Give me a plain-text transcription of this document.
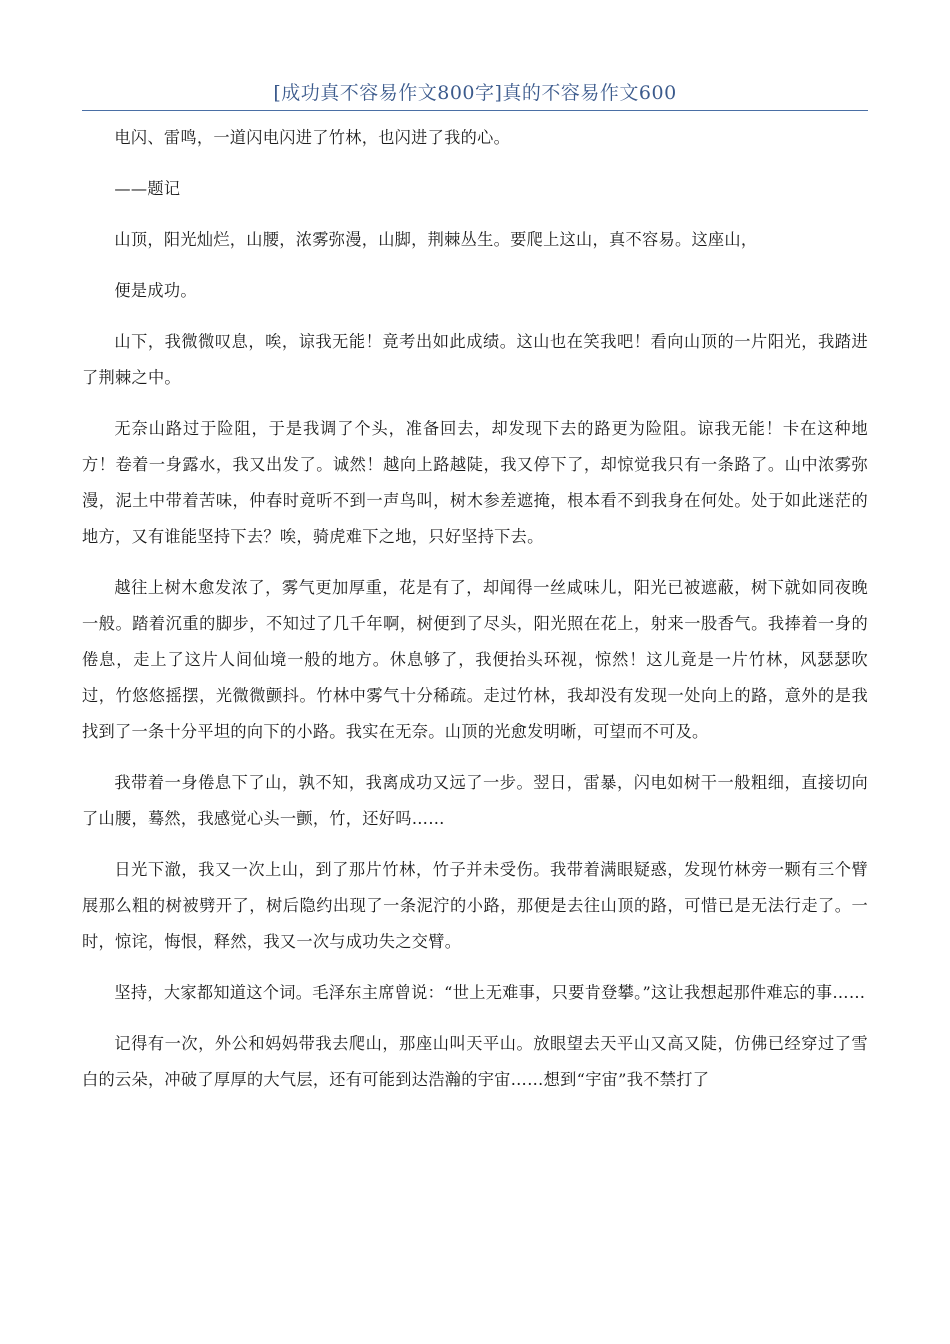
[成功真不容易作文800字]真的不容易作文600

电闪、雷鸣，一道闪电闪进了竹林，也闪进了我的心。

——题记

山顶，阳光灿烂，山腰，浓雾弥漫，山脚，荆棘丛生。要爬上这山，真不容易。这座山，

便是成功。

山下，我微微叹息，唉，谅我无能！竟考出如此成绩。这山也在笑我吧！看向山顶的一片阳光，我踏进了荆棘之中。

无奈山路过于险阻，于是我调了个头，准备回去，却发现下去的路更为险阻。谅我无能！卡在这种地方！卷着一身露水，我又出发了。诚然！越向上路越陡，我又停下了，却惊觉我只有一条路了。山中浓雾弥漫，泥土中带着苦味，仲春时竟听不到一声鸟叫，树木参差遮掩，根本看不到我身在何处。处于如此迷茫的地方，又有谁能坚持下去？唉，骑虎难下之地，只好坚持下去。

越往上树木愈发浓了，雾气更加厚重，花是有了，却闻得一丝咸味儿，阳光已被遮蔽，树下就如同夜晚一般。踏着沉重的脚步，不知过了几千年啊，树便到了尽头，阳光照在花上，射来一股香气。我捧着一身的倦息，走上了这片人间仙境一般的地方。休息够了，我便抬头环视，惊然！这儿竟是一片竹林，风瑟瑟吹过，竹悠悠摇摆，光微微颤抖。竹林中雾气十分稀疏。走过竹林，我却没有发现一处向上的路，意外的是我找到了一条十分平坦的向下的小路。我实在无奈。山顶的光愈发明晰，可望而不可及。

我带着一身倦息下了山，孰不知，我离成功又远了一步。翌日，雷暴，闪电如树干一般粗细，直接切向了山腰，蓦然，我感觉心头一颤，竹，还好吗……

日光下澈，我又一次上山，到了那片竹林，竹子并未受伤。我带着满眼疑惑，发现竹林旁一颗有三个臂展那么粗的树被劈开了，树后隐约出现了一条泥泞的小路，那便是去往山顶的路，可惜已是无法行走了。一时，惊诧，悔恨，释然，我又一次与成功失之交臂。

坚持，大家都知道这个词。毛泽东主席曾说：“世上无难事，只要肯登攀。”这让我想起那件难忘的事……

记得有一次，外公和妈妈带我去爬山，那座山叫天平山。放眼望去天平山又高又陡，仿佛已经穿过了雪白的云朵，冲破了厚厚的大气层，还有可能到达浩瀚的宇宙……想到“宇宙”我不禁打了
